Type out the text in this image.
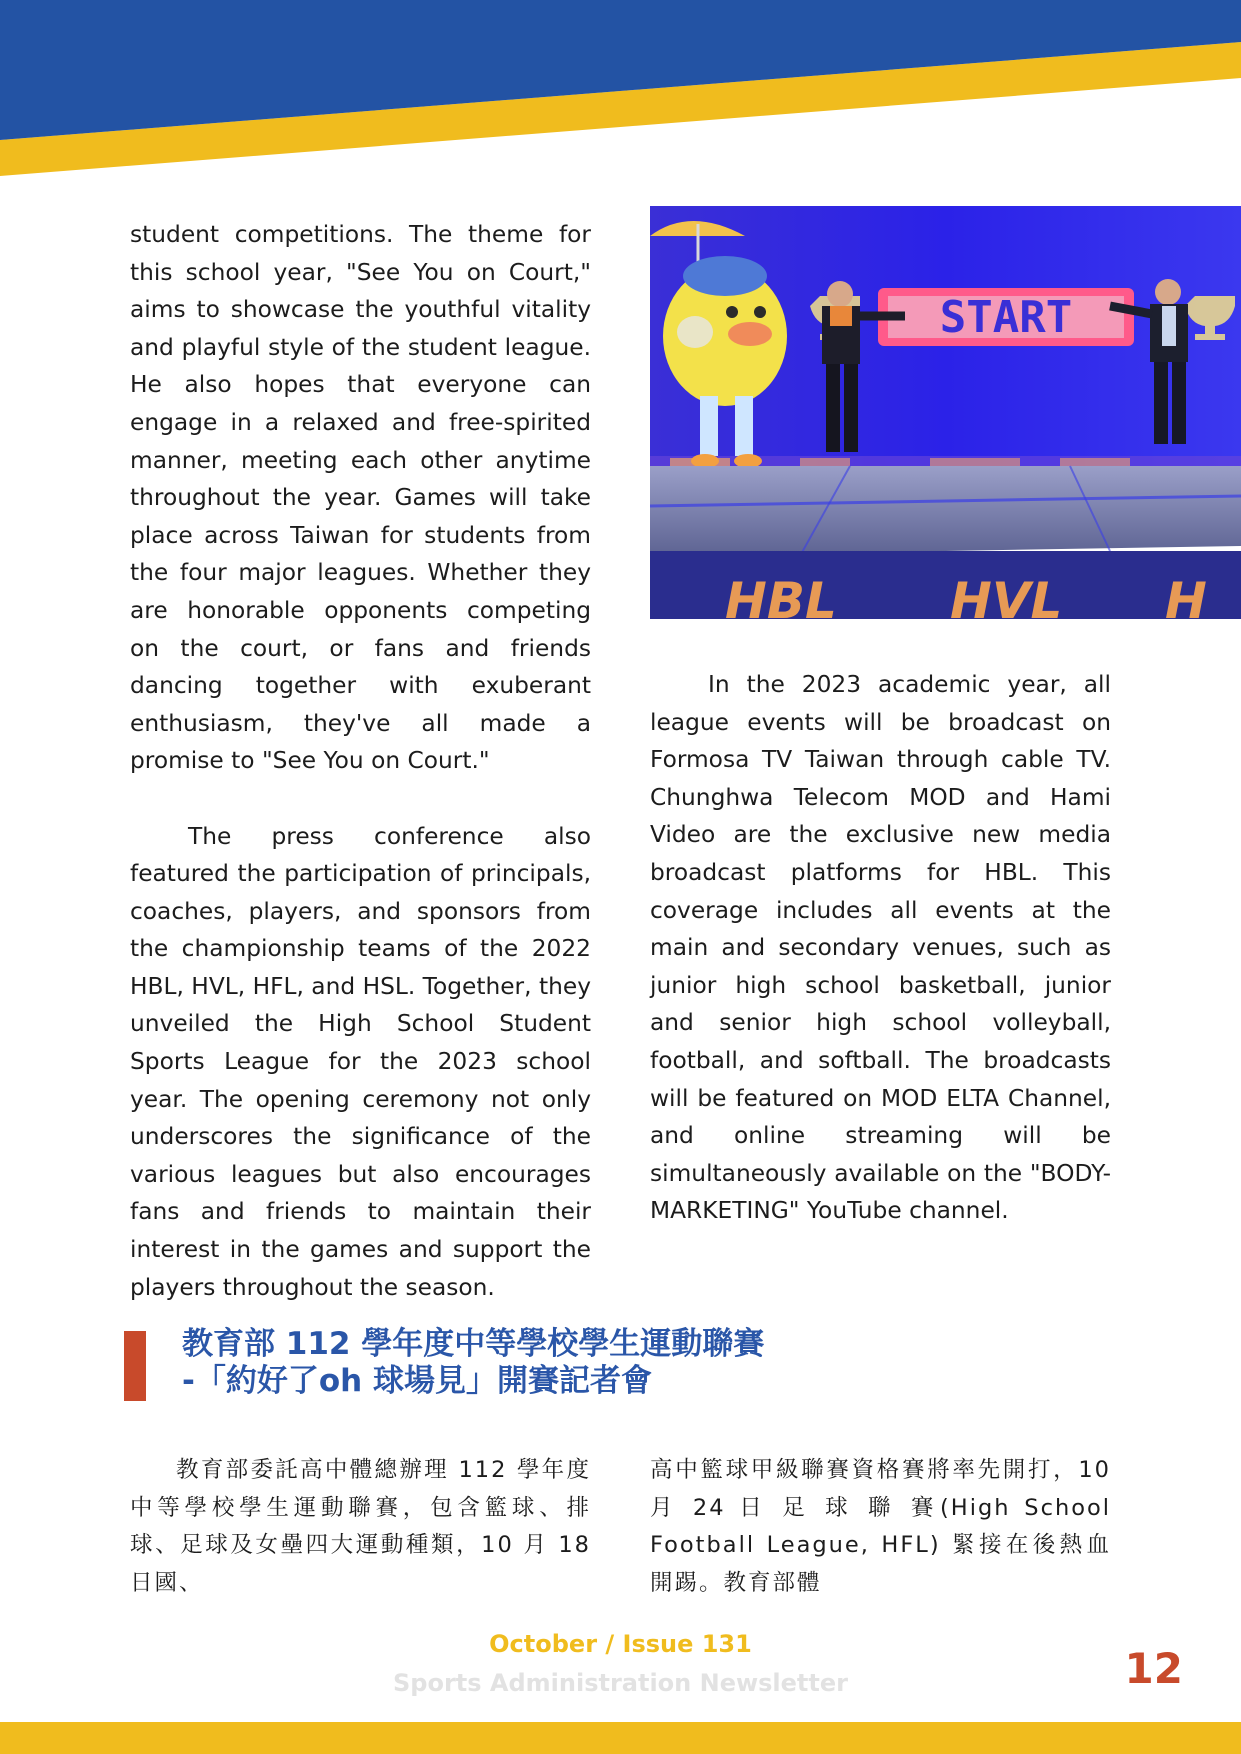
student competitions. The theme for this school year, "See You on Court," aims to showcase the youthful vitality and playful style of the student league. He also hopes that everyone can engage in a relaxed and free-spirited manner, meeting each other anytime throughout the year. Games will take place across Taiwan for students from the four major leagues. Whether they are honorable opponents competing on the court, or fans and friends dancing together with exuberant enthusiasm, they've all made a promise to "See You on Court."

The press conference also featured the participation of principals, coaches, players, and sponsors from the championship teams of the 2022 HBL, HVL, HFL, and HSL. Together, they unveiled the High School Student Sports League for the 2023 school year. The opening ceremony not only underscores the significance of the various leagues but also encourages fans and friends to maintain their interest in the games and support the players throughout the season.

START
HBL HVL H

In the 2023 academic year, all league events will be broadcast on Formosa TV Taiwan through cable TV. Chunghwa Telecom MOD and Hami Video are the exclusive new media broadcast platforms for HBL. This coverage includes all events at the main and secondary venues, such as junior high school basketball, junior and senior high school volleyball, football, and softball. The broadcasts will be featured on MOD ELTA Channel, and online streaming will be simultaneously available on the "BODY-MARKETING" YouTube channel.

教育部 112 學年度中等學校學生運動聯賽
-「約好了oh 球場見」開賽記者會

教育部委託高中體總辦理 112 學年度中等學校學生運動聯賽，包含籃球、排球、足球及女壘四大運動種類，10 月 18 日國、

高中籃球甲級聯賽資格賽將率先開打，10 月 24 日 足 球 聯 賽(High School Football League, HFL) 緊接在後熱血開踢。教育部體

October / Issue 131
Sports Administration Newsletter	12
